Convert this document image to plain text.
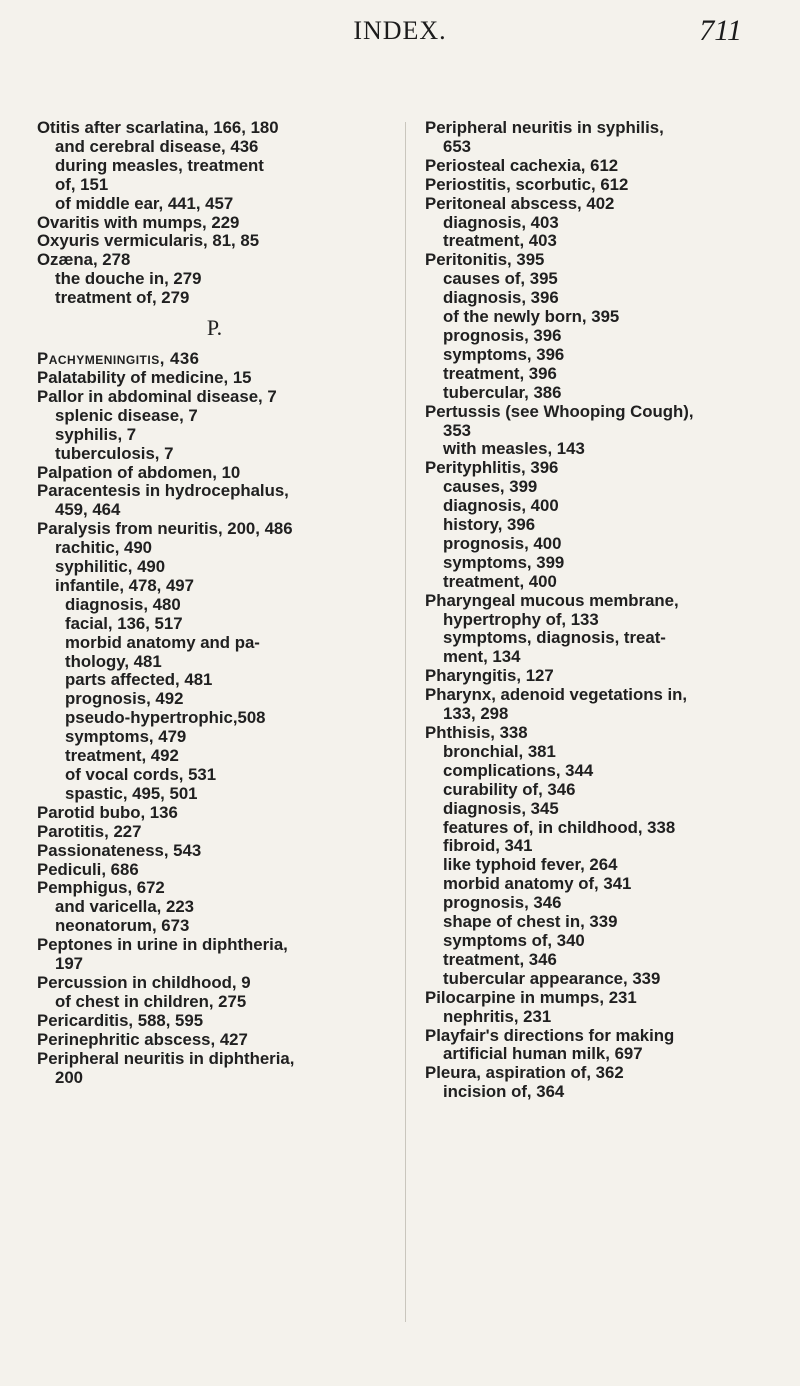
INDEX.	711
Otitis after scarlatina, 166, 180
and cerebral disease, 436
during measles, treatment
of, 151
of middle ear, 441, 457
Ovaritis with mumps, 229
Oxyuris vermicularis, 81, 85
Ozæna, 278
the douche in, 279
treatment of, 279
P.
Pachymeningitis, 436
Palatability of medicine, 15
Pallor in abdominal disease, 7
splenic disease, 7
syphilis, 7
tuberculosis, 7
Palpation of abdomen, 10
Paracentesis in hydrocephalus,
459, 464
Paralysis from neuritis, 200, 486
rachitic, 490
syphilitic, 490
infantile, 478, 497
diagnosis, 480
facial, 136, 517
morbid anatomy and pa-
thology, 481
parts affected, 481
prognosis, 492
pseudo-hypertrophic,508
symptoms, 479
treatment, 492
of vocal cords, 531
spastic, 495, 501
Parotid bubo, 136
Parotitis, 227
Passionateness, 543
Pediculi, 686
Pemphigus, 672
and varicella, 223
neonatorum, 673
Peptones in urine in diphtheria,
197
Percussion in childhood, 9
of chest in children, 275
Pericarditis, 588, 595
Perinephritic abscess, 427
Peripheral neuritis in diphtheria,
200
Peripheral neuritis in syphilis,
653
Periosteal cachexia, 612
Periostitis, scorbutic, 612
Peritoneal abscess, 402
diagnosis, 403
treatment, 403
Peritonitis, 395
causes of, 395
diagnosis, 396
of the newly born, 395
prognosis, 396
symptoms, 396
treatment, 396
tubercular, 386
Pertussis (see Whooping Cough),
353
with measles, 143
Perityphlitis, 396
causes, 399
diagnosis, 400
history, 396
prognosis, 400
symptoms, 399
treatment, 400
Pharyngeal mucous membrane,
hypertrophy of, 133
symptoms, diagnosis, treat-
ment, 134
Pharyngitis, 127
Pharynx, adenoid vegetations in,
133, 298
Phthisis, 338
bronchial, 381
complications, 344
curability of, 346
diagnosis, 345
features of, in childhood, 338
fibroid, 341
like typhoid fever, 264
morbid anatomy of, 341
prognosis, 346
shape of chest in, 339
symptoms of, 340
treatment, 346
tubercular appearance, 339
Pilocarpine in mumps, 231
nephritis, 231
Playfair's directions for making
artificial human milk, 697
Pleura, aspiration of, 362
incision of, 364
